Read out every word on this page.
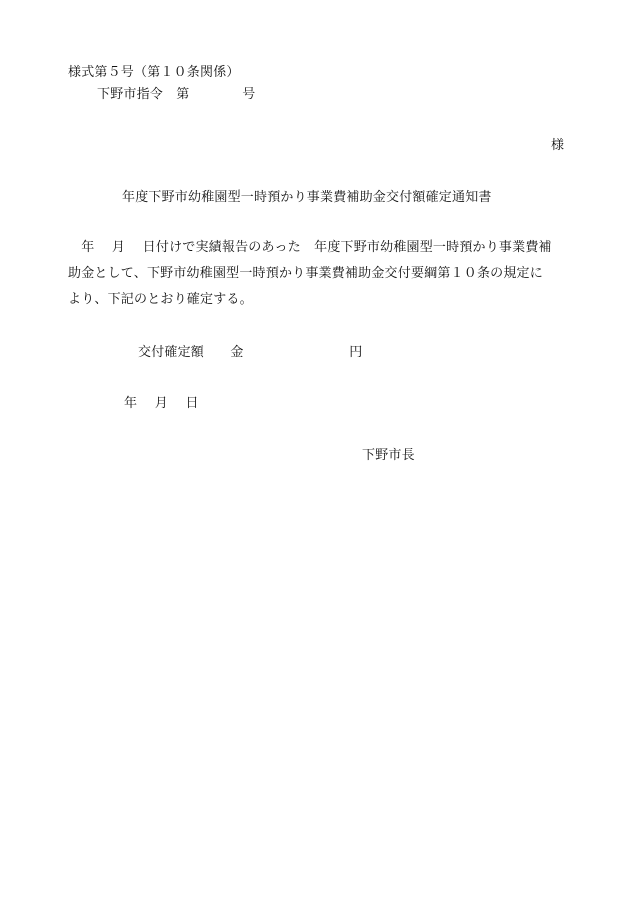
様式第５号（第１０条関係）
下野市指令　第　　　　号
様
年度下野市幼稚園型一時預かり事業費補助金交付額確定通知書
　年　 月 　日付けで実績報告のあった　年度下野市幼稚園型一時預かり事業費補
助金として、下野市幼稚園型一時預かり事業費補助金交付要綱第１０条の規定に
より、下記のとおり確定する。
交付確定額　　金　　　　　　　　円
年　 月 　日
下野市長
